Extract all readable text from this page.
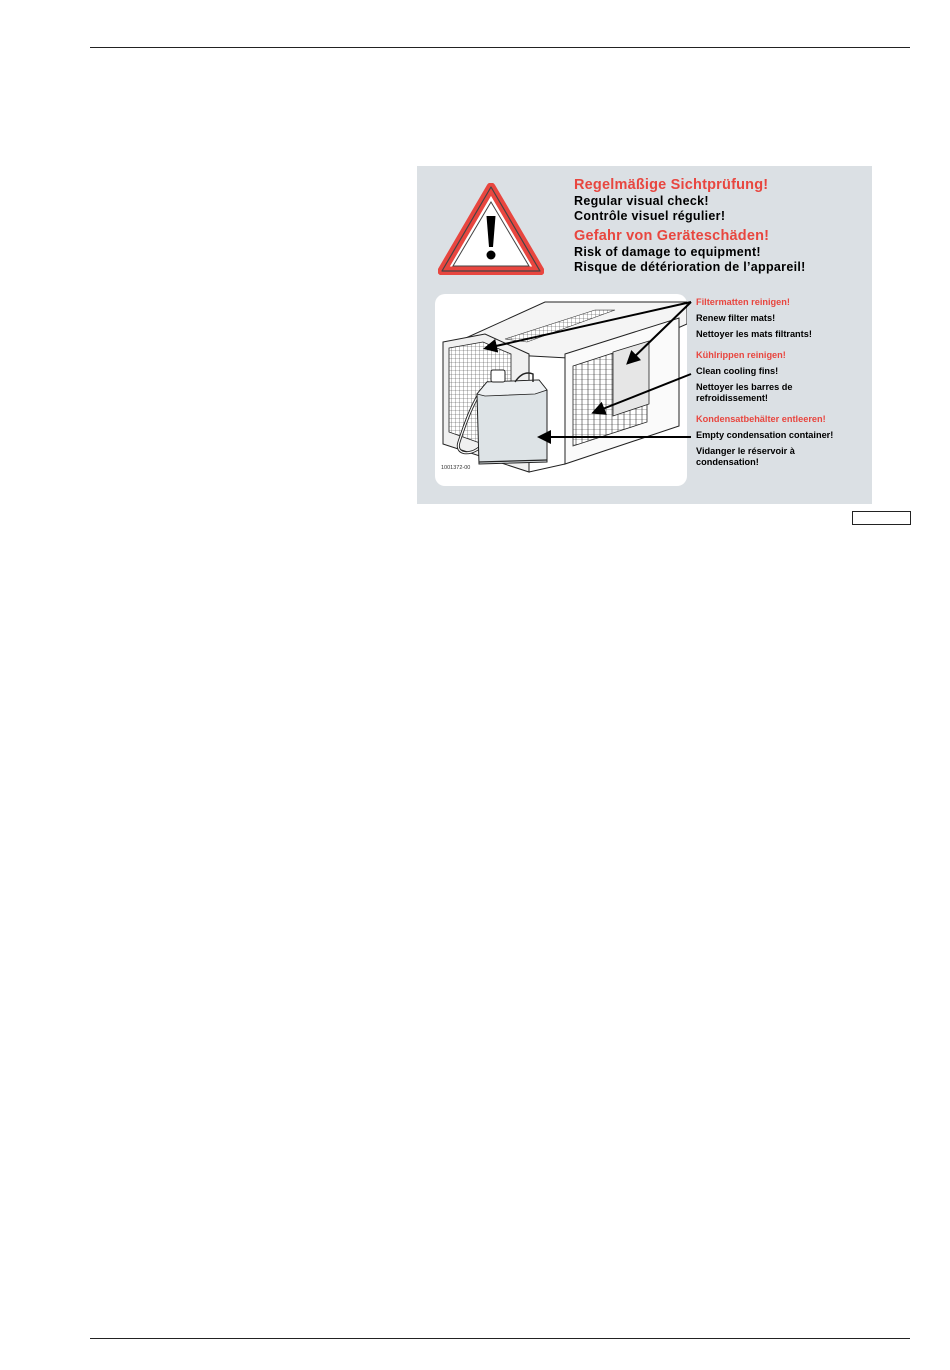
Regelmäßige Sichtprüfung!
Regular visual check!
Contrôle visuel régulier!
Gefahr von Geräteschäden!
Risk of damage to equipment!
Risque de détérioration de l’appareil!
1001372-00
Filtermatten reinigen!
Renew filter mats!
Nettoyer les mats filtrants!
Kühlrippen reinigen!
Clean cooling fins!
Nettoyer les barres de
refroidissement!
Kondensatbehälter entleeren!
Empty condensation container!
Vidanger le réservoir à
condensation!
